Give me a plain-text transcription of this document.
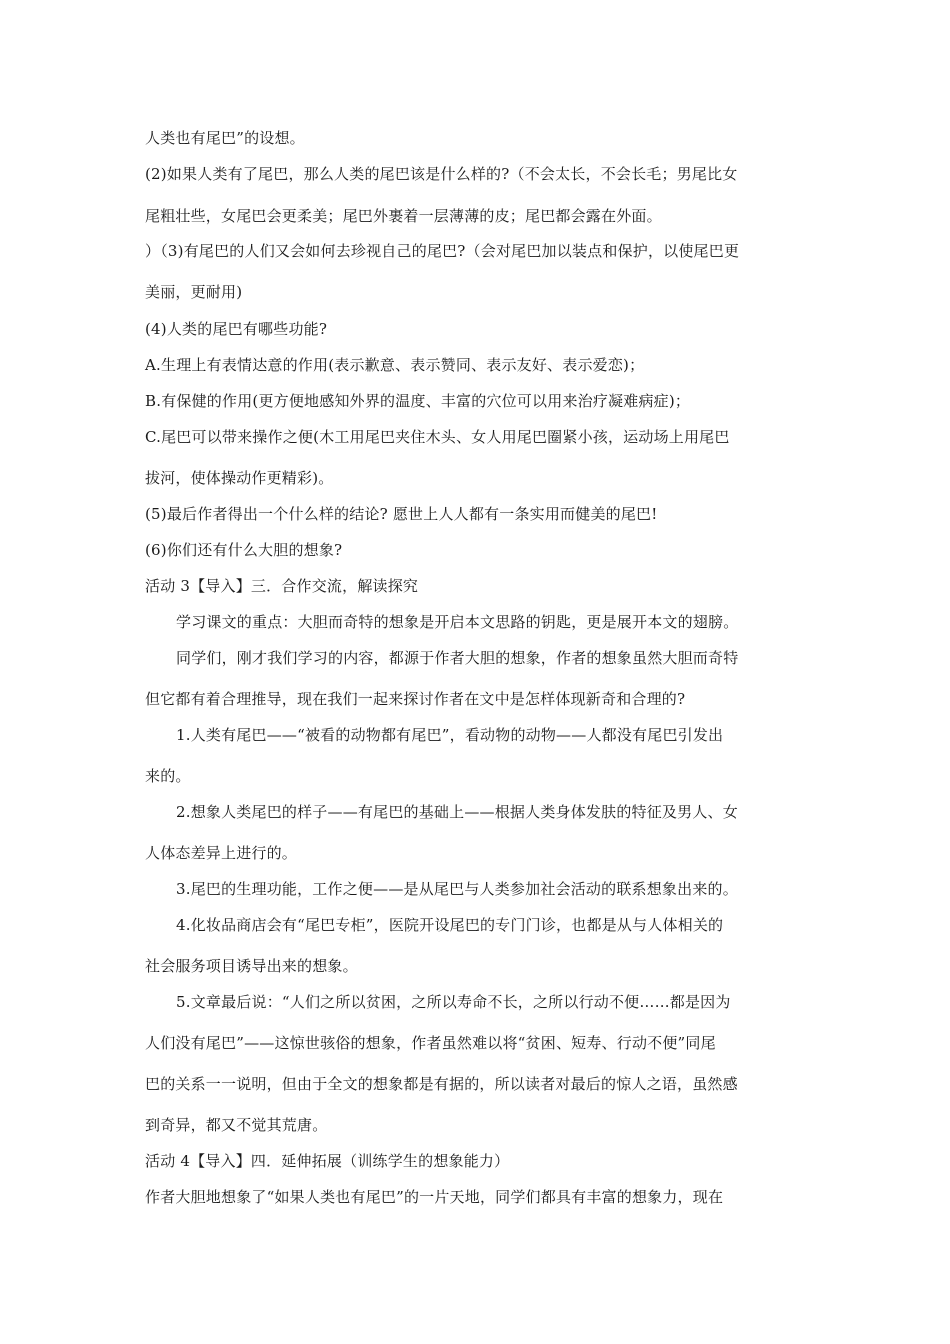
人类也有尾巴”的设想。
(2)如果人类有了尾巴，那么人类的尾巴该是什么样的?（不会太长，不会长毛；男尾比女
尾粗壮些，女尾巴会更柔美；尾巴外裹着一层薄薄的皮；尾巴都会露在外面。
）（3)有尾巴的人们又会如何去珍视自己的尾巴?（会对尾巴加以装点和保护，以使尾巴更
美丽，更耐用)
(4)人类的尾巴有哪些功能?
A.生理上有表情达意的作用(表示歉意、表示赞同、表示友好、表示爱恋)；
B.有保健的作用(更方便地感知外界的温度、丰富的穴位可以用来治疗凝难病症)；
C.尾巴可以带来操作之便(木工用尾巴夹住木头、女人用尾巴圈紧小孩，运动场上用尾巴
拔河，使体操动作更精彩)。
(5)最后作者得出一个什么样的结论? 愿世上人人都有一条实用而健美的尾巴!
(6)你们还有什么大胆的想象?
活动 3【导入】三．合作交流，解读探究
学习课文的重点：大胆而奇特的想象是开启本文思路的钥匙，更是展开本文的翅膀。
同学们，刚才我们学习的内容，都源于作者大胆的想象，作者的想象虽然大胆而奇特
但它都有着合理推导，现在我们一起来探讨作者在文中是怎样体现新奇和合理的?
1.人类有尾巴——“被看的动物都有尾巴”，看动物的动物——人都没有尾巴引发出
来的。
2.想象人类尾巴的样子——有尾巴的基础上——根据人类身体发肤的特征及男人、女
人体态差异上进行的。
3.尾巴的生理功能，工作之便——是从尾巴与人类参加社会活动的联系想象出来的。
4.化妆品商店会有“尾巴专柜”，医院开设尾巴的专门门诊，也都是从与人体相关的
社会服务项目诱导出来的想象。
5.文章最后说：“人们之所以贫困，之所以寿命不长，之所以行动不便……都是因为
人们没有尾巴”——这惊世骇俗的想象，作者虽然难以将“贫困、短寿、行动不便”同尾
巴的关系一一说明，但由于全文的想象都是有据的，所以读者对最后的惊人之语，虽然感
到奇异，都又不觉其荒唐。
活动 4【导入】四．延伸拓展（训练学生的想象能力）
作者大胆地想象了“如果人类也有尾巴”的一片天地，同学们都具有丰富的想象力，现在
